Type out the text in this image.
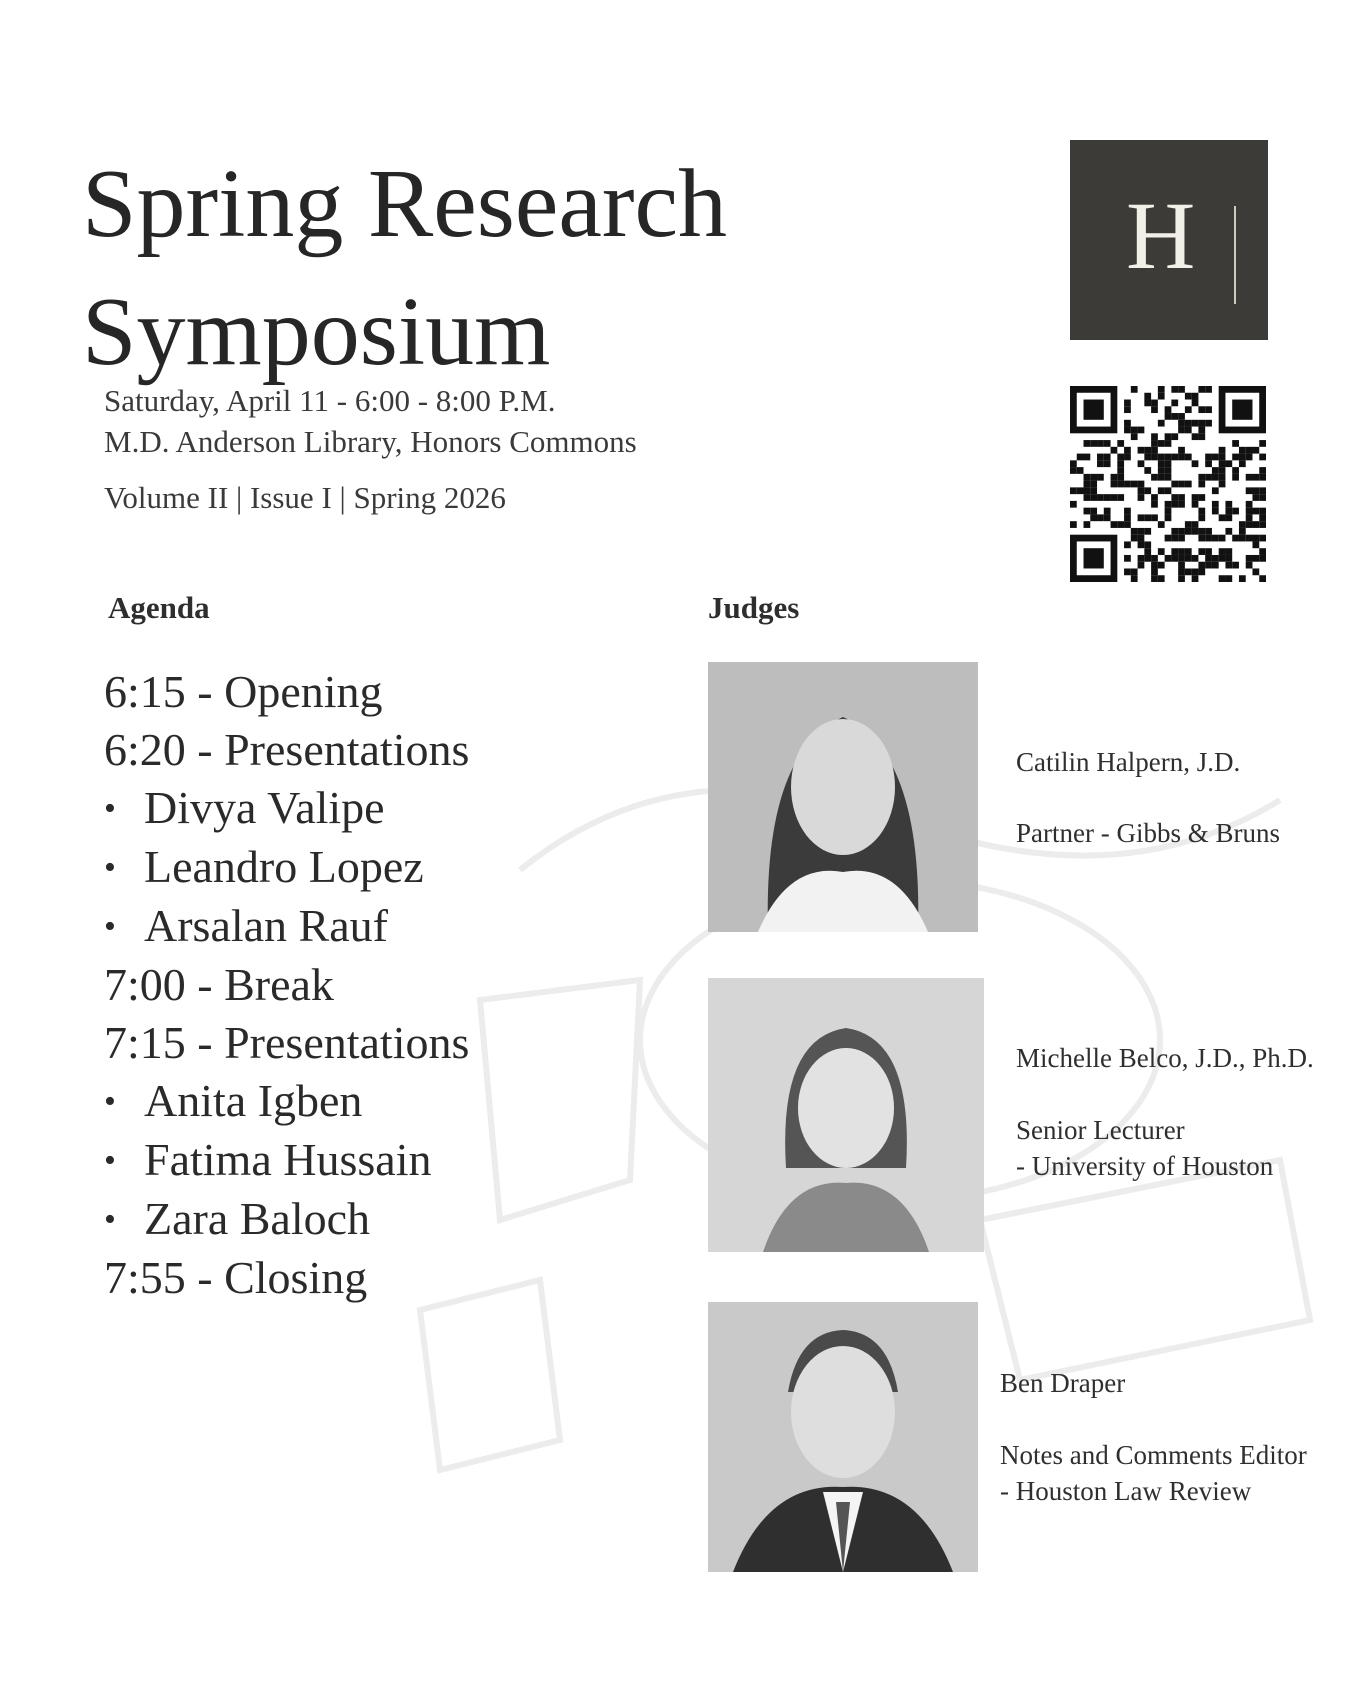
Spring Research
Symposium
Saturday, April 11 - 6:00 - 8:00 P.M.
M.D. Anderson Library, Honors Commons
Volume II | Issue I | Spring 2026
H
Agenda
6:15 - Opening
6:20 - Presentations
• Divya Valipe
• Leandro Lopez
• Arsalan Rauf
7:00 - Break
7:15 - Presentations
• Anita Igben
• Fatima Hussain
• Zara Baloch
7:55 - Closing
Judges
Catilin Halpern, J.D.
Partner - Gibbs & Bruns
Michelle Belco, J.D., Ph.D.
Senior Lecturer
- University of Houston
Ben Draper
Notes and Comments Editor
- Houston Law Review
